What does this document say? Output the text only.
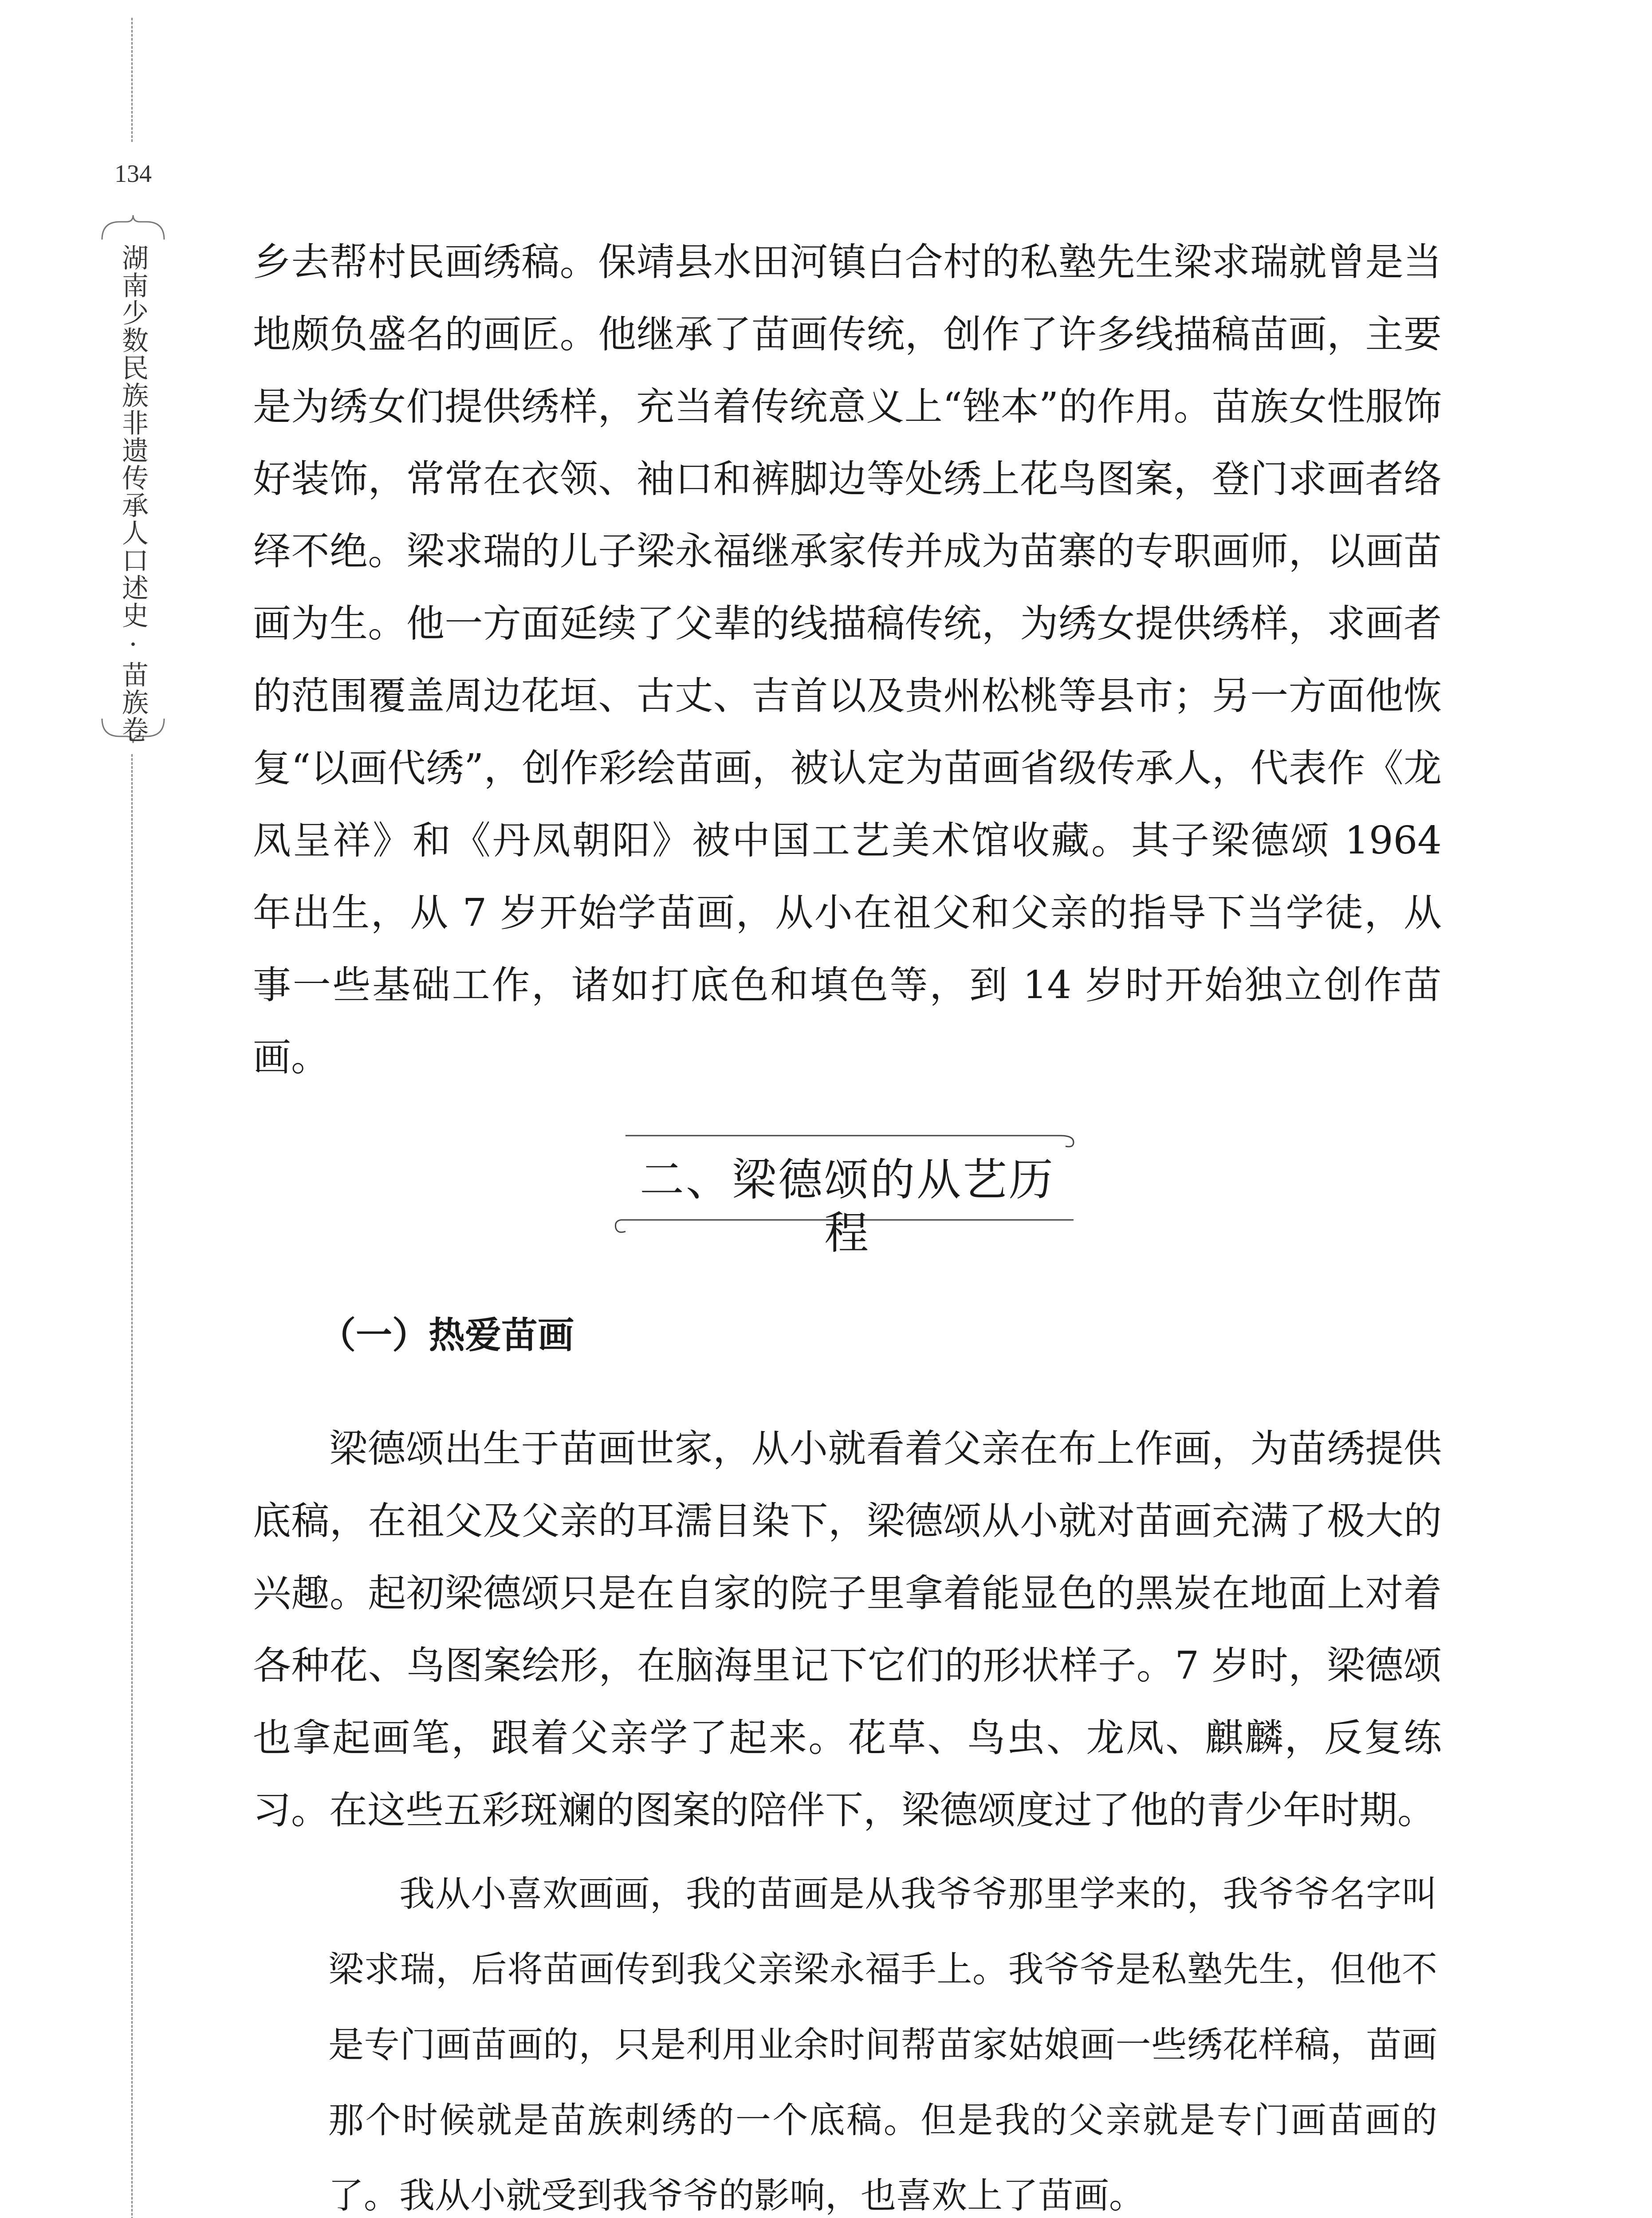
134
湖南少数民族非遗传承人口述史·苗族卷	乡去帮村民画绣稿。保靖县水田河镇白合村的私塾先生梁求瑞就曾是当地颇负盛名的画匠。他继承了苗画传统，创作了许多线描稿苗画，主要是为绣女们提供绣样，充当着传统意义上“锉本”的作用。苗族女性服饰好装饰，常常在衣领、袖口和裤脚边等处绣上花鸟图案，登门求画者络绎不绝。梁求瑞的儿子梁永福继承家传并成为苗寨的专职画师，以画苗画为生。他一方面延续了父辈的线描稿传统，为绣女提供绣样，求画者的范围覆盖周边花垣、古丈、吉首以及贵州松桃等县市；另一方面他恢复“以画代绣”，创作彩绘苗画，被认定为苗画省级传承人，代表作《龙凤呈祥》和《丹凤朝阳》被中国工艺美术馆收藏。其子梁德颂 1964 年出生，从 7 岁开始学苗画，从小在祖父和父亲的指导下当学徒，从事一些基础工作，诸如打底色和填色等，到 14 岁时开始独立创作苗画。

二、梁德颂的从艺历程
（一）热爱苗画

梁德颂出生于苗画世家，从小就看着父亲在布上作画，为苗绣提供底稿，在祖父及父亲的耳濡目染下，梁德颂从小就对苗画充满了极大的兴趣。起初梁德颂只是在自家的院子里拿着能显色的黑炭在地面上对着各种花、鸟图案绘形，在脑海里记下它们的形状样子。7 岁时，梁德颂也拿起画笔，跟着父亲学了起来。花草、鸟虫、龙凤、麒麟，反复练习。在这些五彩斑斓的图案的陪伴下，梁德颂度过了他的青少年时期。

我从小喜欢画画，我的苗画是从我爷爷那里学来的，我爷爷名字叫梁求瑞，后将苗画传到我父亲梁永福手上。我爷爷是私塾先生，但他不是专门画苗画的，只是利用业余时间帮苗家姑娘画一些绣花样稿，苗画那个时候就是苗族刺绣的一个底稿。但是我的父亲就是专门画苗画的了。我从小就受到我爷爷的影响，也喜欢上了苗画。
